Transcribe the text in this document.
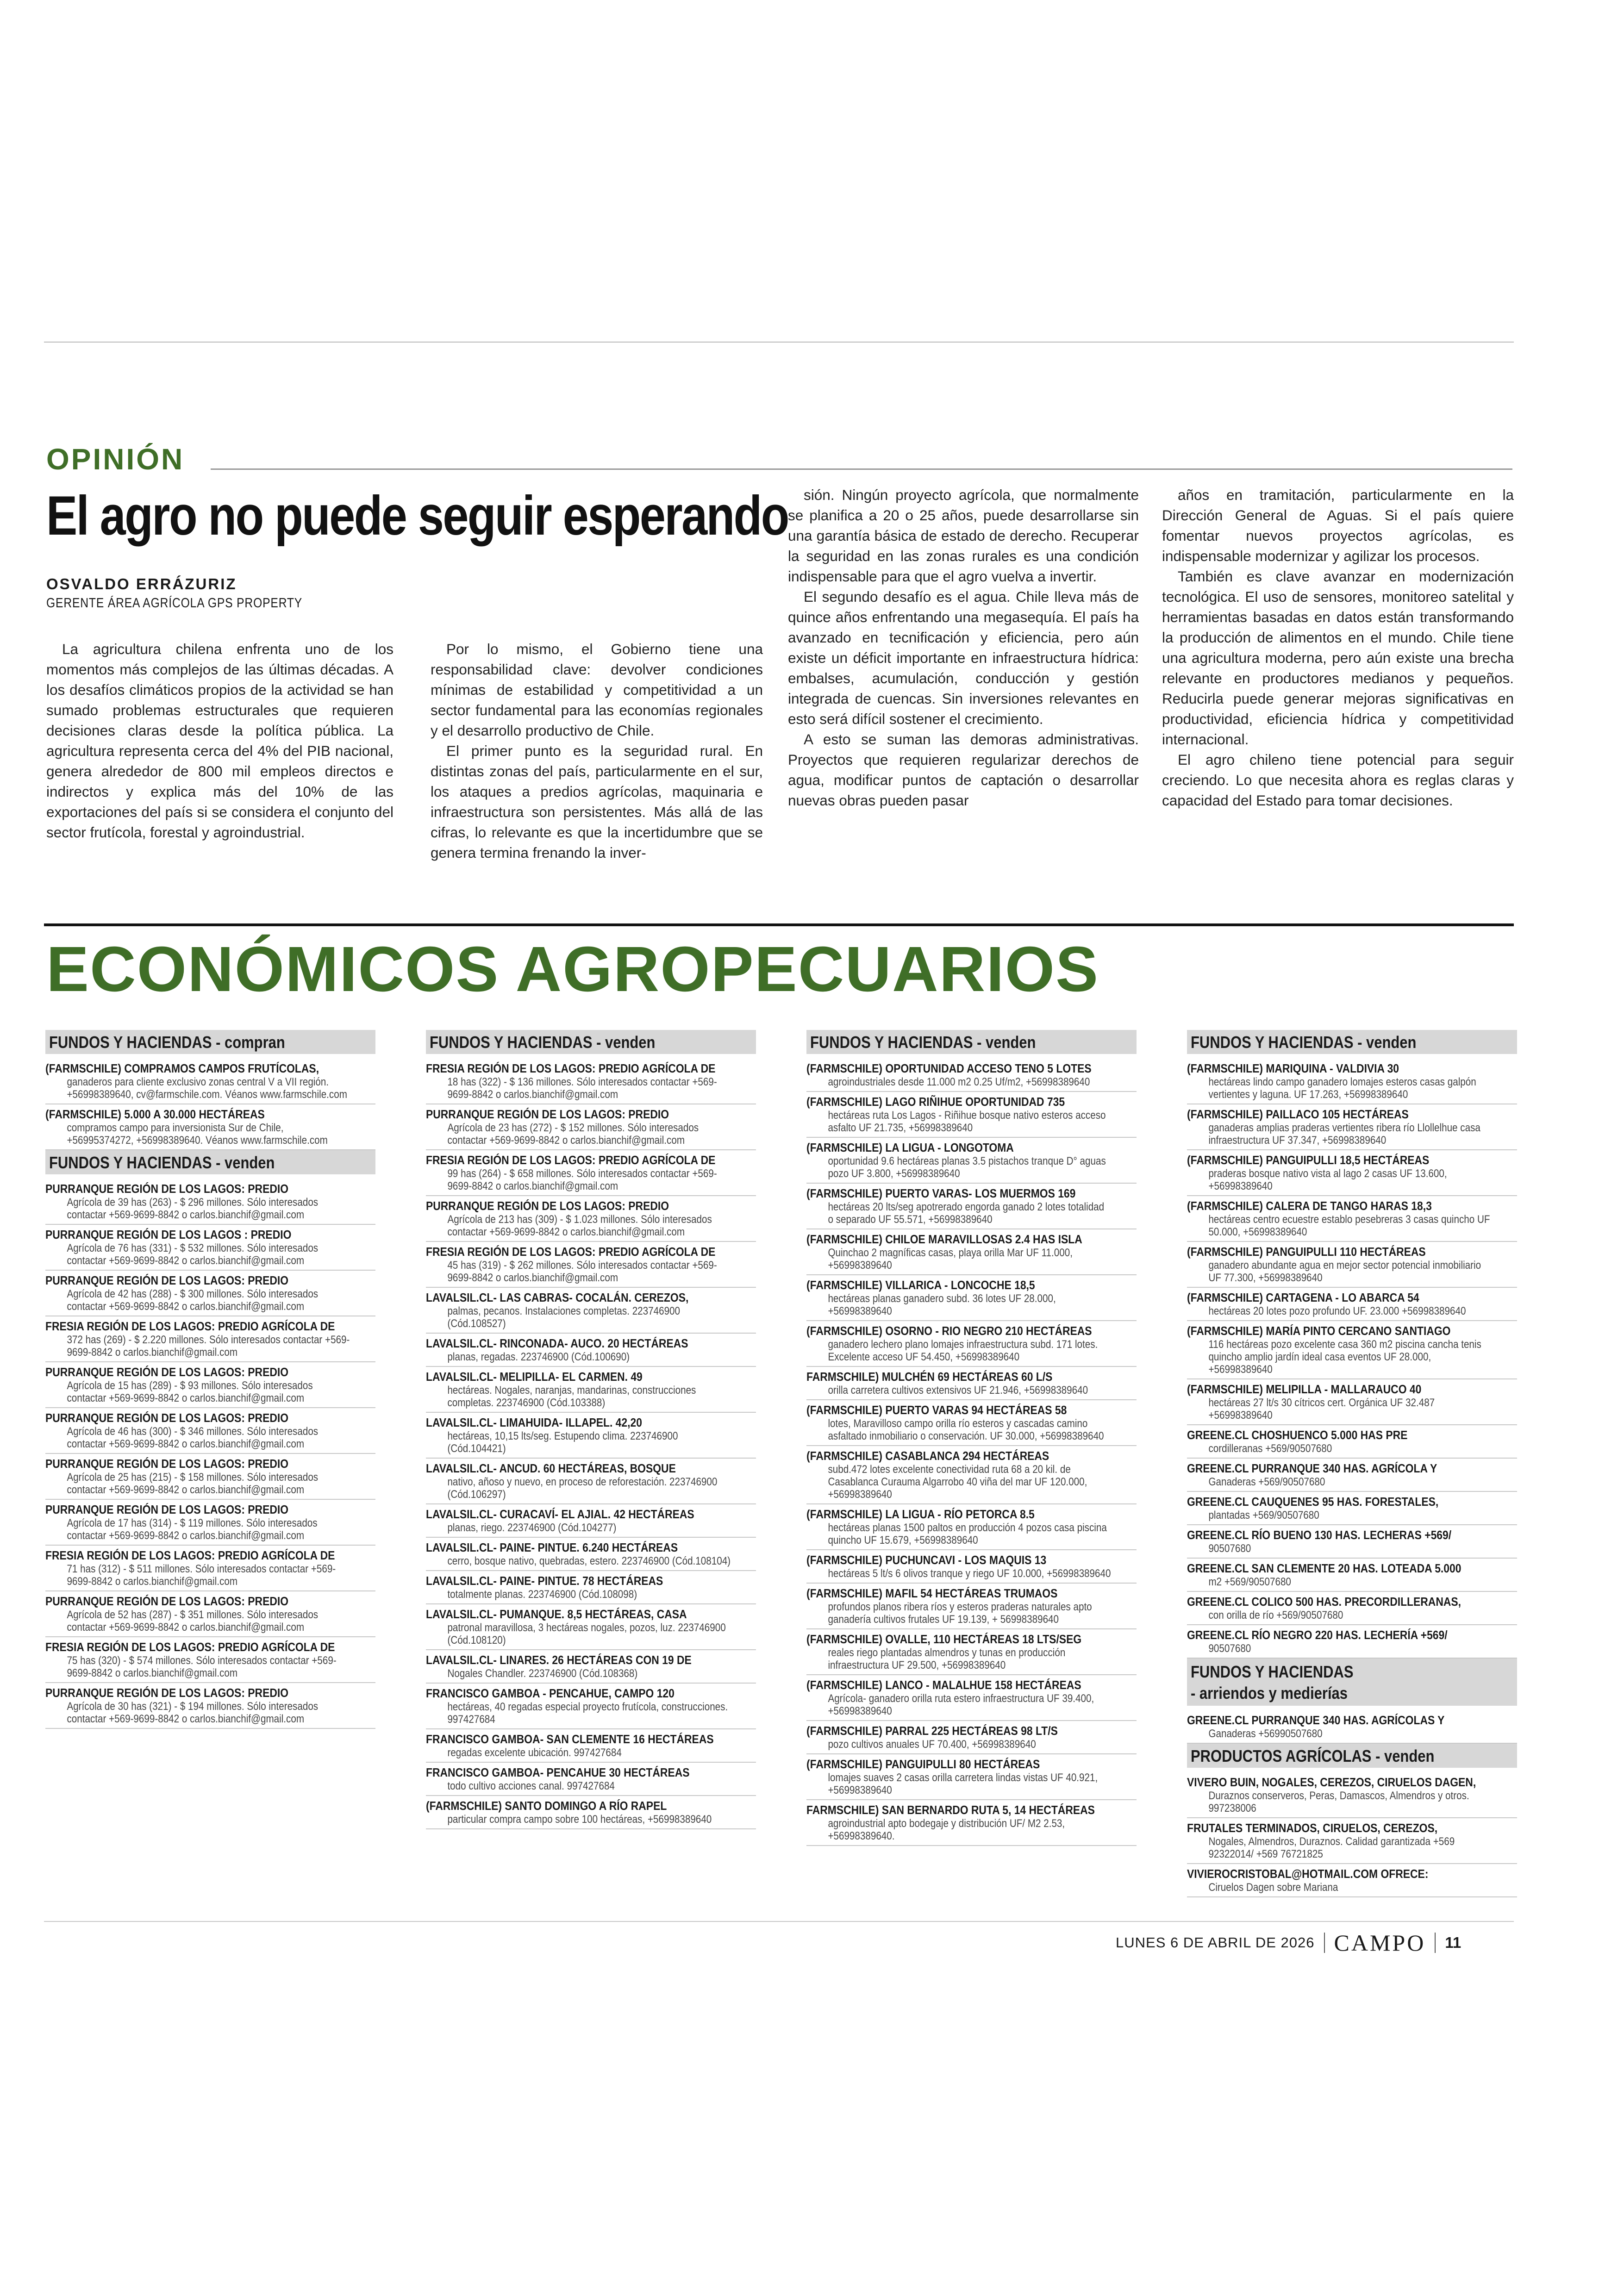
OPINIÓN
El agro no puede seguir esperando
OSVALDO ERRÁZURIZ
GERENTE ÁREA AGRÍCOLA GPS PROPERTY

La agricultura chilena enfrenta uno de los momentos más complejos de las últimas décadas. A los desafíos climáticos propios de la actividad se han sumado problemas estructurales que requieren decisiones claras desde la política pública. La agricultura representa cerca del 4% del PIB nacional, genera alrededor de 800 mil empleos directos e indirectos y explica más del 10% de las exportaciones del país si se considera el conjunto del sector frutícola, forestal y agroindustrial.

Por lo mismo, el Gobierno tiene una responsabilidad clave: devolver condiciones mínimas de estabilidad y competitividad a un sector fundamental para las economías regionales y el desarrollo productivo de Chile.

El primer punto es la seguridad rural. En distintas zonas del país, particularmente en el sur, los ataques a predios agrícolas, maquinaria e infraestructura son persistentes. Más allá de las cifras, lo relevante es que la incertidumbre que se genera termina frenando la inver-

sión. Ningún proyecto agrícola, que normalmente se planifica a 20 o 25 años, puede desarrollarse sin una garantía básica de estado de derecho. Recuperar la seguridad en las zonas rurales es una condición indispensable para que el agro vuelva a invertir.

El segundo desafío es el agua. Chile lleva más de quince años enfrentando una megasequía. El país ha avanzado en tecnificación y eficiencia, pero aún existe un déficit importante en infraestructura hídrica: embalses, acumulación, conducción y gestión integrada de cuencas. Sin inversiones relevantes en esto será difícil sostener el crecimiento.

A esto se suman las demoras administrativas. Proyectos que requieren regularizar derechos de agua, modificar puntos de captación o desarrollar nuevas obras pueden pasar

años en tramitación, particularmente en la Dirección General de Aguas. Si el país quiere fomentar nuevos proyectos agrícolas, es indispensable modernizar y agilizar los procesos.

También es clave avanzar en modernización tecnológica. El uso de sensores, monitoreo satelital y herramientas basadas en datos están transformando la producción de alimentos en el mundo. Chile tiene una agricultura moderna, pero aún existe una brecha relevante en productores medianos y pequeños. Reducirla puede generar mejoras significativas en productividad, eficiencia hídrica y competitividad internacional.

El agro chileno tiene potencial para seguir creciendo. Lo que necesita ahora es reglas claras y capacidad del Estado para tomar decisiones.

ECONÓMICOS AGROPECUARIOS
FUNDOS Y HACIENDAS - compran
(FARMSCHILE) COMPRAMOS CAMPOS FRUTÍCOLAS,
ganaderos para cliente exclusivo zonas central V a VII región. +56998389640, cv@farmschile.com. Véanos www.farmschile.com
(FARMSCHILE) 5.000 A 30.000 HECTÁREAS
compramos campo para inversionista Sur de Chile, +56995374272, +56998389640. Véanos www.farmschile.com
FUNDOS Y HACIENDAS - venden
PURRANQUE REGIÓN DE LOS LAGOS: PREDIO
Agrícola de 39 has (263) - $ 296 millones. Sólo interesados contactar +569-9699-8842 o carlos.bianchif@gmail.com
PURRANQUE REGIÓN DE LOS LAGOS : PREDIO
Agrícola de 76 has (331) - $ 532 millones. Sólo interesados contactar +569-9699-8842 o carlos.bianchif@gmail.com
PURRANQUE REGIÓN DE LOS LAGOS: PREDIO
Agrícola de 42 has (288) - $ 300 millones. Sólo interesados contactar +569-9699-8842 o carlos.bianchif@gmail.com
FRESIA REGIÓN DE LOS LAGOS: PREDIO AGRÍCOLA DE
372 has (269) - $ 2.220 millones. Sólo interesados contactar +569-9699-8842 o carlos.bianchif@gmail.com
PURRANQUE REGIÓN DE LOS LAGOS: PREDIO
Agrícola de 15 has (289) - $ 93 millones. Sólo interesados contactar +569-9699-8842 o carlos.bianchif@gmail.com
PURRANQUE REGIÓN DE LOS LAGOS: PREDIO
Agrícola de 46 has (300) - $ 346 millones. Sólo interesados contactar +569-9699-8842 o carlos.bianchif@gmail.com
PURRANQUE REGIÓN DE LOS LAGOS: PREDIO
Agrícola de 25 has (215) - $ 158 millones. Sólo interesados contactar +569-9699-8842 o carlos.bianchif@gmail.com
PURRANQUE REGIÓN DE LOS LAGOS: PREDIO
Agrícola de 17 has (314) - $ 119 millones. Sólo interesados contactar +569-9699-8842 o carlos.bianchif@gmail.com
FRESIA REGIÓN DE LOS LAGOS: PREDIO AGRÍCOLA DE
71 has (312) - $ 511 millones. Sólo interesados contactar +569-9699-8842 o carlos.bianchif@gmail.com
PURRANQUE REGIÓN DE LOS LAGOS: PREDIO
Agrícola de 52 has (287) - $ 351 millones. Sólo interesados contactar +569-9699-8842 o carlos.bianchif@gmail.com
FRESIA REGIÓN DE LOS LAGOS: PREDIO AGRÍCOLA DE
75 has (320) - $ 574 millones. Sólo interesados contactar +569-9699-8842 o carlos.bianchif@gmail.com
PURRANQUE REGIÓN DE LOS LAGOS: PREDIO
Agrícola de 30 has (321) - $ 194 millones. Sólo interesados contactar +569-9699-8842 o carlos.bianchif@gmail.com
FUNDOS Y HACIENDAS - venden
FRESIA REGIÓN DE LOS LAGOS: PREDIO AGRÍCOLA DE
18 has (322) - $ 136 millones. Sólo interesados contactar +569-9699-8842 o carlos.bianchif@gmail.com
PURRANQUE REGIÓN DE LOS LAGOS: PREDIO
Agrícola de 23 has (272) - $ 152 millones. Sólo interesados contactar +569-9699-8842 o carlos.bianchif@gmail.com
FRESIA REGIÓN DE LOS LAGOS: PREDIO AGRÍCOLA DE
99 has (264) - $ 658 millones. Sólo interesados contactar +569-9699-8842 o carlos.bianchif@gmail.com
PURRANQUE REGIÓN DE LOS LAGOS: PREDIO
Agrícola de 213 has (309) - $ 1.023 millones. Sólo interesados contactar +569-9699-8842 o carlos.bianchif@gmail.com
FRESIA REGIÓN DE LOS LAGOS: PREDIO AGRÍCOLA DE
45 has (319) - $ 262 millones. Sólo interesados contactar +569-9699-8842 o carlos.bianchif@gmail.com
LAVALSIL.CL- LAS CABRAS- COCALÁN. CEREZOS,
palmas, pecanos. Instalaciones completas. 223746900 (Cód.108527)
LAVALSIL.CL- RINCONADA- AUCO. 20 HECTÁREAS
planas, regadas. 223746900 (Cód.100690)
LAVALSIL.CL- MELIPILLA- EL CARMEN. 49
hectáreas. Nogales, naranjas, mandarinas, construcciones completas. 223746900 (Cód.103388)
LAVALSIL.CL- LIMAHUIDA- ILLAPEL. 42,20
hectáreas, 10,15 lts/seg. Estupendo clima. 223746900 (Cód.104421)
LAVALSIL.CL- ANCUD. 60 HECTÁREAS, BOSQUE
nativo, añoso y nuevo, en proceso de reforestación. 223746900 (Cód.106297)
LAVALSIL.CL- CURACAVÍ- EL AJIAL. 42 HECTÁREAS
planas, riego. 223746900 (Cód.104277)
LAVALSIL.CL- PAINE- PINTUE. 6.240 HECTÁREAS
cerro, bosque nativo, quebradas, estero. 223746900 (Cód.108104)
LAVALSIL.CL- PAINE- PINTUE. 78 HECTÁREAS
totalmente planas. 223746900 (Cód.108098)
LAVALSIL.CL- PUMANQUE. 8,5 HECTÁREAS, CASA
patronal maravillosa, 3 hectáreas nogales, pozos, luz. 223746900 (Cód.108120)
LAVALSIL.CL- LINARES. 26 HECTÁREAS CON 19 DE
Nogales Chandler. 223746900 (Cód.108368)
FRANCISCO GAMBOA - PENCAHUE, CAMPO 120
hectáreas, 40 regadas especial proyecto frutícola, construcciones. 997427684
FRANCISCO GAMBOA- SAN CLEMENTE 16 HECTÁREAS
regadas excelente ubicación. 997427684
FRANCISCO GAMBOA- PENCAHUE 30 HECTÁREAS
todo cultivo acciones canal. 997427684
(FARMSCHILE) SANTO DOMINGO A RÍO RAPEL
particular compra campo sobre 100 hectáreas, +56998389640
FUNDOS Y HACIENDAS - venden
(FARMSCHILE) OPORTUNIDAD ACCESO TENO 5 LOTES
agroindustriales desde 11.000 m2 0.25 Uf/m2, +56998389640
(FARMSCHILE) LAGO RIÑIHUE OPORTUNIDAD 735
hectáreas ruta Los Lagos - Riñihue bosque nativo esteros acceso asfalto UF 21.735, +56998389640
(FARMSCHILE) LA LIGUA - LONGOTOMA
oportunidad 9.6 hectáreas planas 3.5 pistachos tranque D° aguas pozo UF 3.800, +56998389640
(FARMSCHILE) PUERTO VARAS- LOS MUERMOS 169
hectáreas 20 lts/seg apotrerado engorda ganado 2 lotes totalidad o separado UF 55.571, +56998389640
(FARMSCHILE) CHILOE MARAVILLOSAS 2.4 HAS ISLA
Quinchao 2 magníficas casas, playa orilla Mar UF 11.000, +56998389640
(FARMSCHILE) VILLARICA - LONCOCHE 18,5
hectáreas planas ganadero subd. 36 lotes UF 28.000, +56998389640
(FARMSCHILE) OSORNO - RIO NEGRO 210 HECTÁREAS
ganadero lechero plano lomajes infraestructura subd. 171 lotes. Excelente acceso UF 54.450, +56998389640
FARMSCHILE) MULCHÉN 69 HECTÁREAS 60 L/S
orilla carretera cultivos extensivos UF 21.946, +56998389640
(FARMSCHILE) PUERTO VARAS 94 HECTÁREAS 58
lotes, Maravilloso campo orilla río esteros y cascadas camino asfaltado inmobiliario o conservación. UF 30.000, +56998389640
(FARMSCHILE) CASABLANCA 294 HECTÁREAS
subd.472 lotes excelente conectividad ruta 68 a 20 kil. de Casablanca Curauma Algarrobo 40 viña del mar UF 120.000, +56998389640
(FARMSCHILE) LA LIGUA - RÍO PETORCA 8.5
hectáreas planas 1500 paltos en producción 4 pozos casa piscina quincho UF 15.679, +56998389640
(FARMSCHILE) PUCHUNCAVI - LOS MAQUIS 13
hectáreas 5 lt/s 6 olivos tranque y riego UF 10.000, +56998389640
(FARMSCHILE) MAFIL 54 HECTÁREAS TRUMAOS
profundos planos ribera ríos y esteros praderas naturales apto ganadería cultivos frutales UF 19.139, + 56998389640
(FARMSCHILE) OVALLE, 110 HECTÁREAS 18 LTS/SEG
reales riego plantadas almendros y tunas en producción infraestructura UF 29.500, +56998389640
(FARMSCHILE) LANCO - MALALHUE 158 HECTÁREAS
Agrícola- ganadero orilla ruta estero infraestructura UF 39.400, +56998389640
(FARMSCHILE) PARRAL 225 HECTÁREAS 98 LT/S
pozo cultivos anuales UF 70.400, +56998389640
(FARMSCHILE) PANGUIPULLI 80 HECTÁREAS
lomajes suaves 2 casas orilla carretera lindas vistas UF 40.921, +56998389640
FARMSCHILE) SAN BERNARDO RUTA 5, 14 HECTÁREAS
agroindustrial apto bodegaje y distribución UF/ M2 2.53, +56998389640.
FUNDOS Y HACIENDAS - venden
(FARMSCHILE) MARIQUINA - VALDIVIA 30
hectáreas lindo campo ganadero lomajes esteros casas galpón vertientes y laguna. UF 17.263, +56998389640
(FARMSCHILE) PAILLACO 105 HECTÁREAS
ganaderas amplias praderas vertientes ribera río Llollelhue casa infraestructura UF 37.347, +56998389640
(FARMSCHILE) PANGUIPULLI 18,5 HECTÁREAS
praderas bosque nativo vista al lago 2 casas UF 13.600, +56998389640
(FARMSCHILE) CALERA DE TANGO HARAS 18,3
hectáreas centro ecuestre establo pesebreras 3 casas quincho UF 50.000, +56998389640
(FARMSCHILE) PANGUIPULLI 110 HECTÁREAS
ganadero abundante agua en mejor sector potencial inmobiliario UF 77.300, +56998389640
(FARMSCHILE) CARTAGENA - LO ABARCA 54
hectáreas 20 lotes pozo profundo UF. 23.000 +56998389640
(FARMSCHILE) MARÍA PINTO CERCANO SANTIAGO
116 hectáreas pozo excelente casa 360 m2 piscina cancha tenis quincho amplio jardín ideal casa eventos UF 28.000, +56998389640
(FARMSCHILE) MELIPILLA - MALLARAUCO 40
hectáreas 27 lt/s 30 cítricos cert. Orgánica UF 32.487 +56998389640
GREENE.CL CHOSHUENCO 5.000 HAS PRE
cordilleranas +569/90507680
GREENE.CL PURRANQUE 340 HAS. AGRÍCOLA Y
Ganaderas +569/90507680
GREENE.CL CAUQUENES 95 HAS. FORESTALES,
plantadas +569/90507680
GREENE.CL RÍO BUENO 130 HAS. LECHERAS +569/
90507680
GREENE.CL SAN CLEMENTE 20 HAS. LOTEADA 5.000
m2 +569/90507680
GREENE.CL COLICO 500 HAS. PRECORDILLERANAS,
con orilla de río +569/90507680
GREENE.CL RÍO NEGRO 220 HAS. LECHERÍA +569/
90507680
FUNDOS Y HACIENDAS
- arriendos y medierías
GREENE.CL PURRANQUE 340 HAS. AGRÍCOLAS Y
Ganaderas +56990507680
PRODUCTOS AGRÍCOLAS - venden
VIVERO BUIN, NOGALES, CEREZOS, CIRUELOS DAGEN,
Duraznos conserveros, Peras, Damascos, Almendros y otros. 997238006
FRUTALES TERMINADOS, CIRUELOS, CEREZOS,
Nogales, Almendros, Duraznos. Calidad garantizada +569 92322014/ +569 76721825
VIVIEROCRISTOBAL@HOTMAIL.COM OFRECE:
Ciruelos Dagen sobre Mariana
LUNES 6 DE ABRIL DE 2026 CAMPO 11
